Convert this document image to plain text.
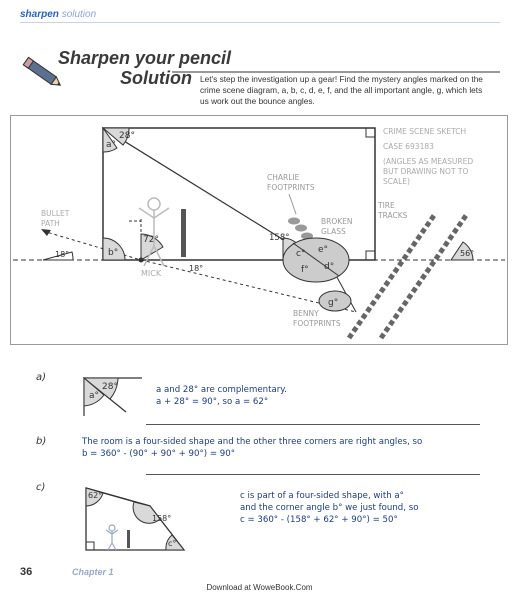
sharpen solution
Sharpen your pencil
Solution Let's step the investigation up a gear! Find the mystery angles marked on the crime scene diagram, a, b, c, d, e, f, and the all important angle, g, which lets us work out the bounce angles.
28°
a°
b°
72°
MICK
18°
18°
BULLET
PATH
CHARLIE
FOOTPRINTS
158°
c° e°
f° d°
BROKEN
GLASS
g°
BENNY
FOOTPRINTS
TIRE
TRACKS
56°
CRIME SCENE SKETCH
CASE 693183
(ANGLES AS MEASURED
BUT DRAWING NOT TO
SCALE)
a)
28°
a°
a and 28° are complementary.
a + 28° = 90°, so a = 62°
b)	The room is a four-sided shape and the other three corners are right angles, so
b = 360° - (90° + 90° + 90°) = 90°
c)
62°
158°
c°
c is part of a four-sided shape, with a°
and the corner angle b° we just found, so
c = 360° - (158° + 62° + 90°) = 50°
36	Chapter 1
Download at WoweBook.Com
